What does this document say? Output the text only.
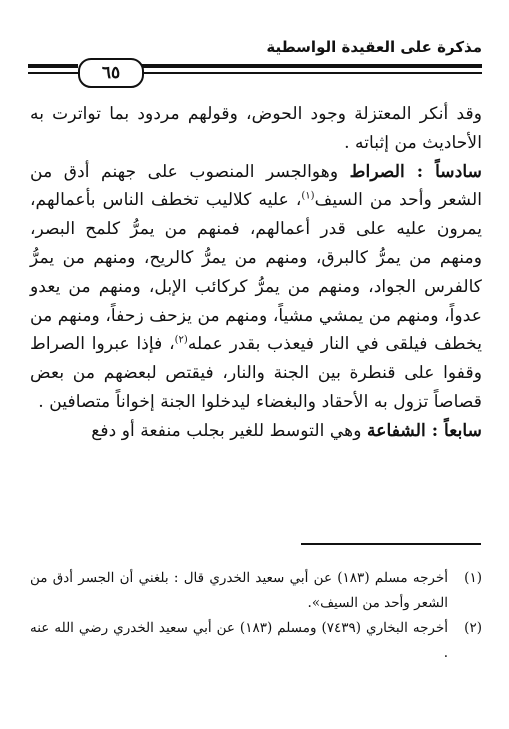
مذكرة على العقيدة الواسطية
٦٥

وقد أنكر المعتزلة وجود الحوض، وقولهم مردود بما تواترت به الأحاديث من إثباته .

سادساً : الصراط وهوالجسر المنصوب على جهنم أدق من الشعر وأحد من السيف$^{(١)}$، عليه كلاليب تخطف الناس بأعمالهم، يمرون عليه على قدر أعمالهم، فمنهم من يمرُّ كلمح البصر، ومنهم من يمرُّ كالبرق، ومنهم من يمرُّ كالريح، ومنهم من يمرُّ كالفرس الجواد، ومنهم من يمرُّ كركائب الإبل، ومنهم من يعدو عدواً، ومنهم من يمشي مشياً، ومنهم من يزحف زحفاً، ومنهم من يخطف فيلقى في النار فيعذب بقدر عمله$^{(٢)}$، فإذا عبروا الصراط وقفوا على قنطرة بين الجنة والنار، فيقتص لبعضهم من بعض قصاصاً تزول به الأحقاد والبغضاء ليدخلوا الجنة إخواناً متصافين .

سابعاً : الشفاعة وهي التوسط للغير بجلب منفعة أو دفع

(١)
أخرجه مسلم (١٨٣) عن أبي سعيد الخدري قال : بلغني أن الجسر أدق من الشعر وأحد من السيف».
(٢)
أخرجه البخاري (٧٤٣٩) ومسلم (١٨٣) عن أبي سعيد الخدري رضي الله عنه .
